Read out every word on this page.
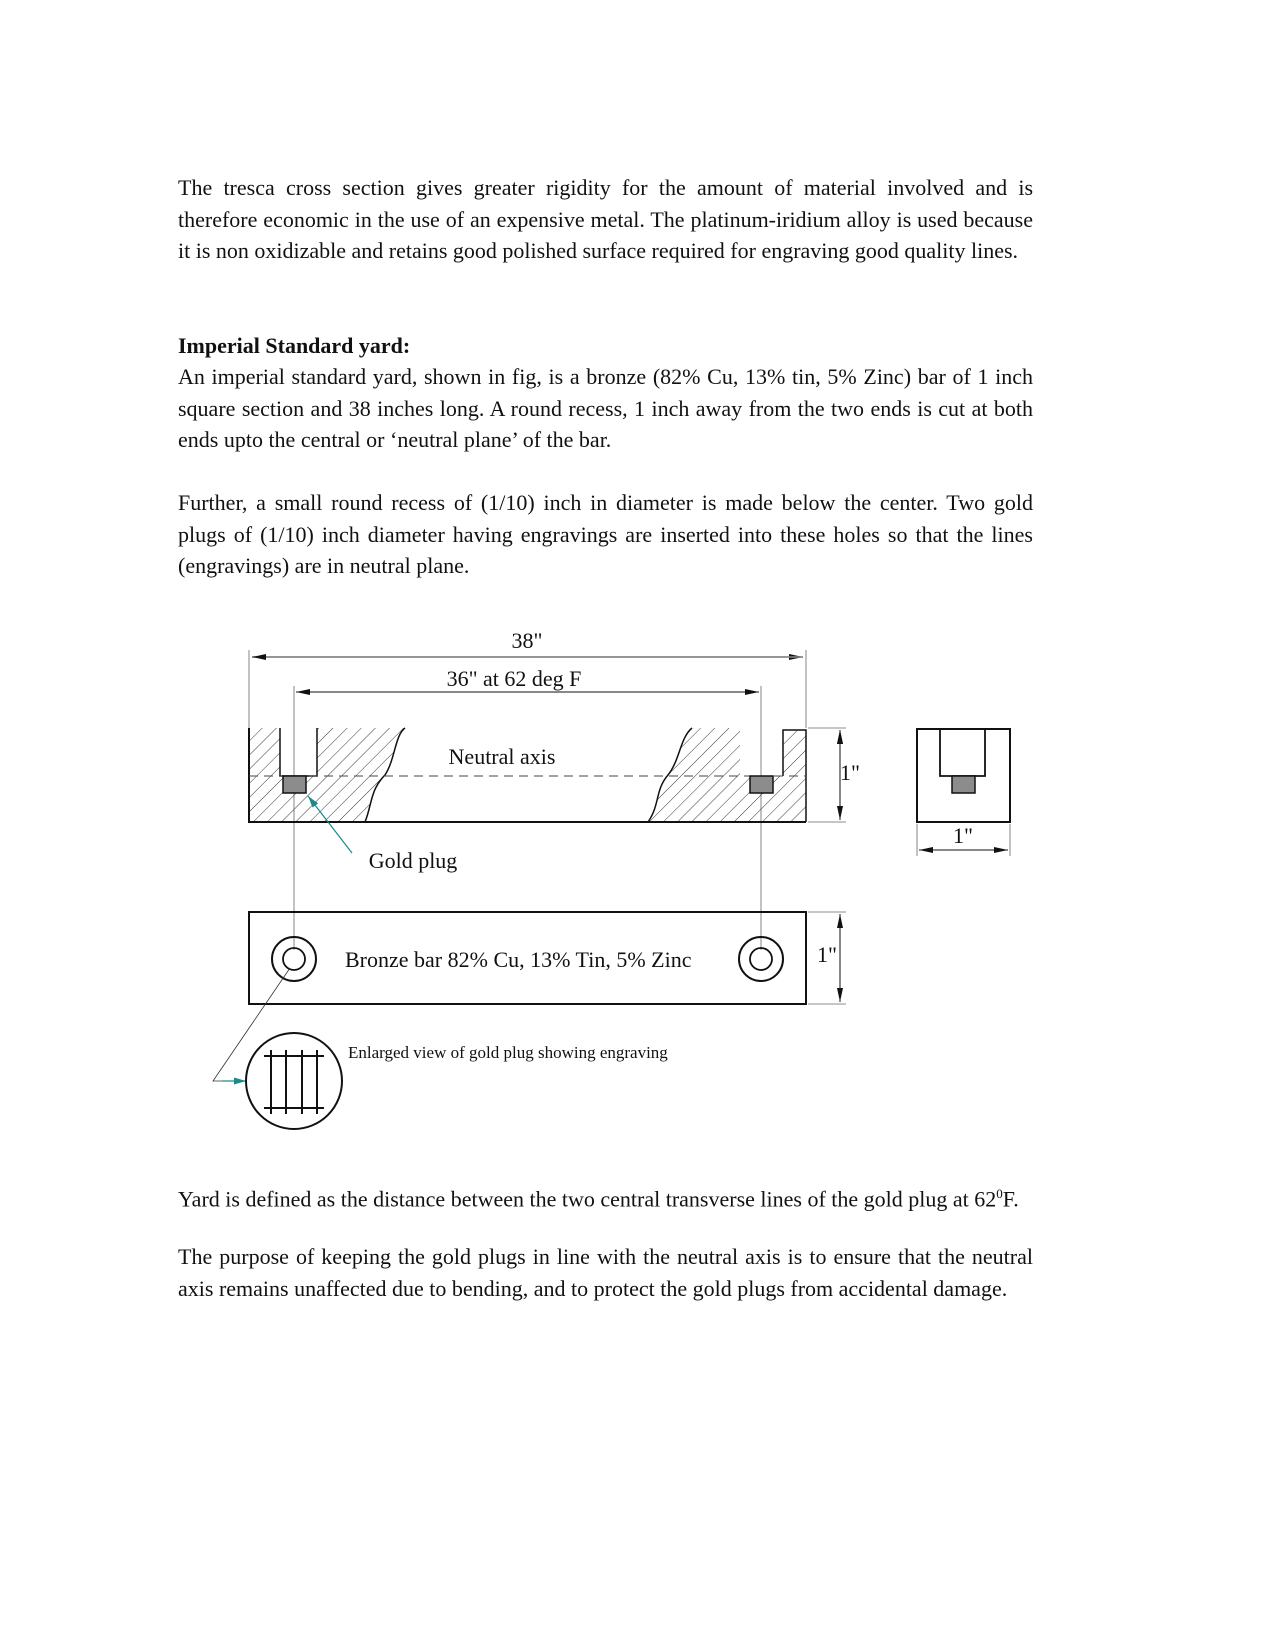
The tresca cross section gives greater rigidity for the amount of material involved and is therefore economic in the use of an expensive metal. The platinum-iridium alloy is used because it is non oxidizable and retains good polished surface required for engraving good quality lines.

Imperial Standard yard:

An imperial standard yard, shown in fig, is a bronze (82% Cu, 13% tin, 5% Zinc) bar of 1 inch square section and 38 inches long. A round recess, 1 inch away from the two ends is cut at both ends upto the central or ‘neutral plane’ of the bar.

Further, a small round recess of (1/10) inch in diameter is made below the center. Two gold plugs of (1/10) inch diameter having engravings are inserted into these holes so that the lines (engravings) are in neutral plane.

Yard is defined as the distance between the two central transverse lines of the gold plug at $62^0F$.

The purpose of keeping the gold plugs in line with the neutral axis is to ensure that the neutral axis remains unaffected due to bending, and to protect the gold plugs from accidental damage.

38"
36" at 62 deg F
Neutral axis
1"
Gold plug
1"
Bronze bar 82% Cu, 13% Tin, 5% Zinc	1"
Enlarged view of gold plug showing engraving
